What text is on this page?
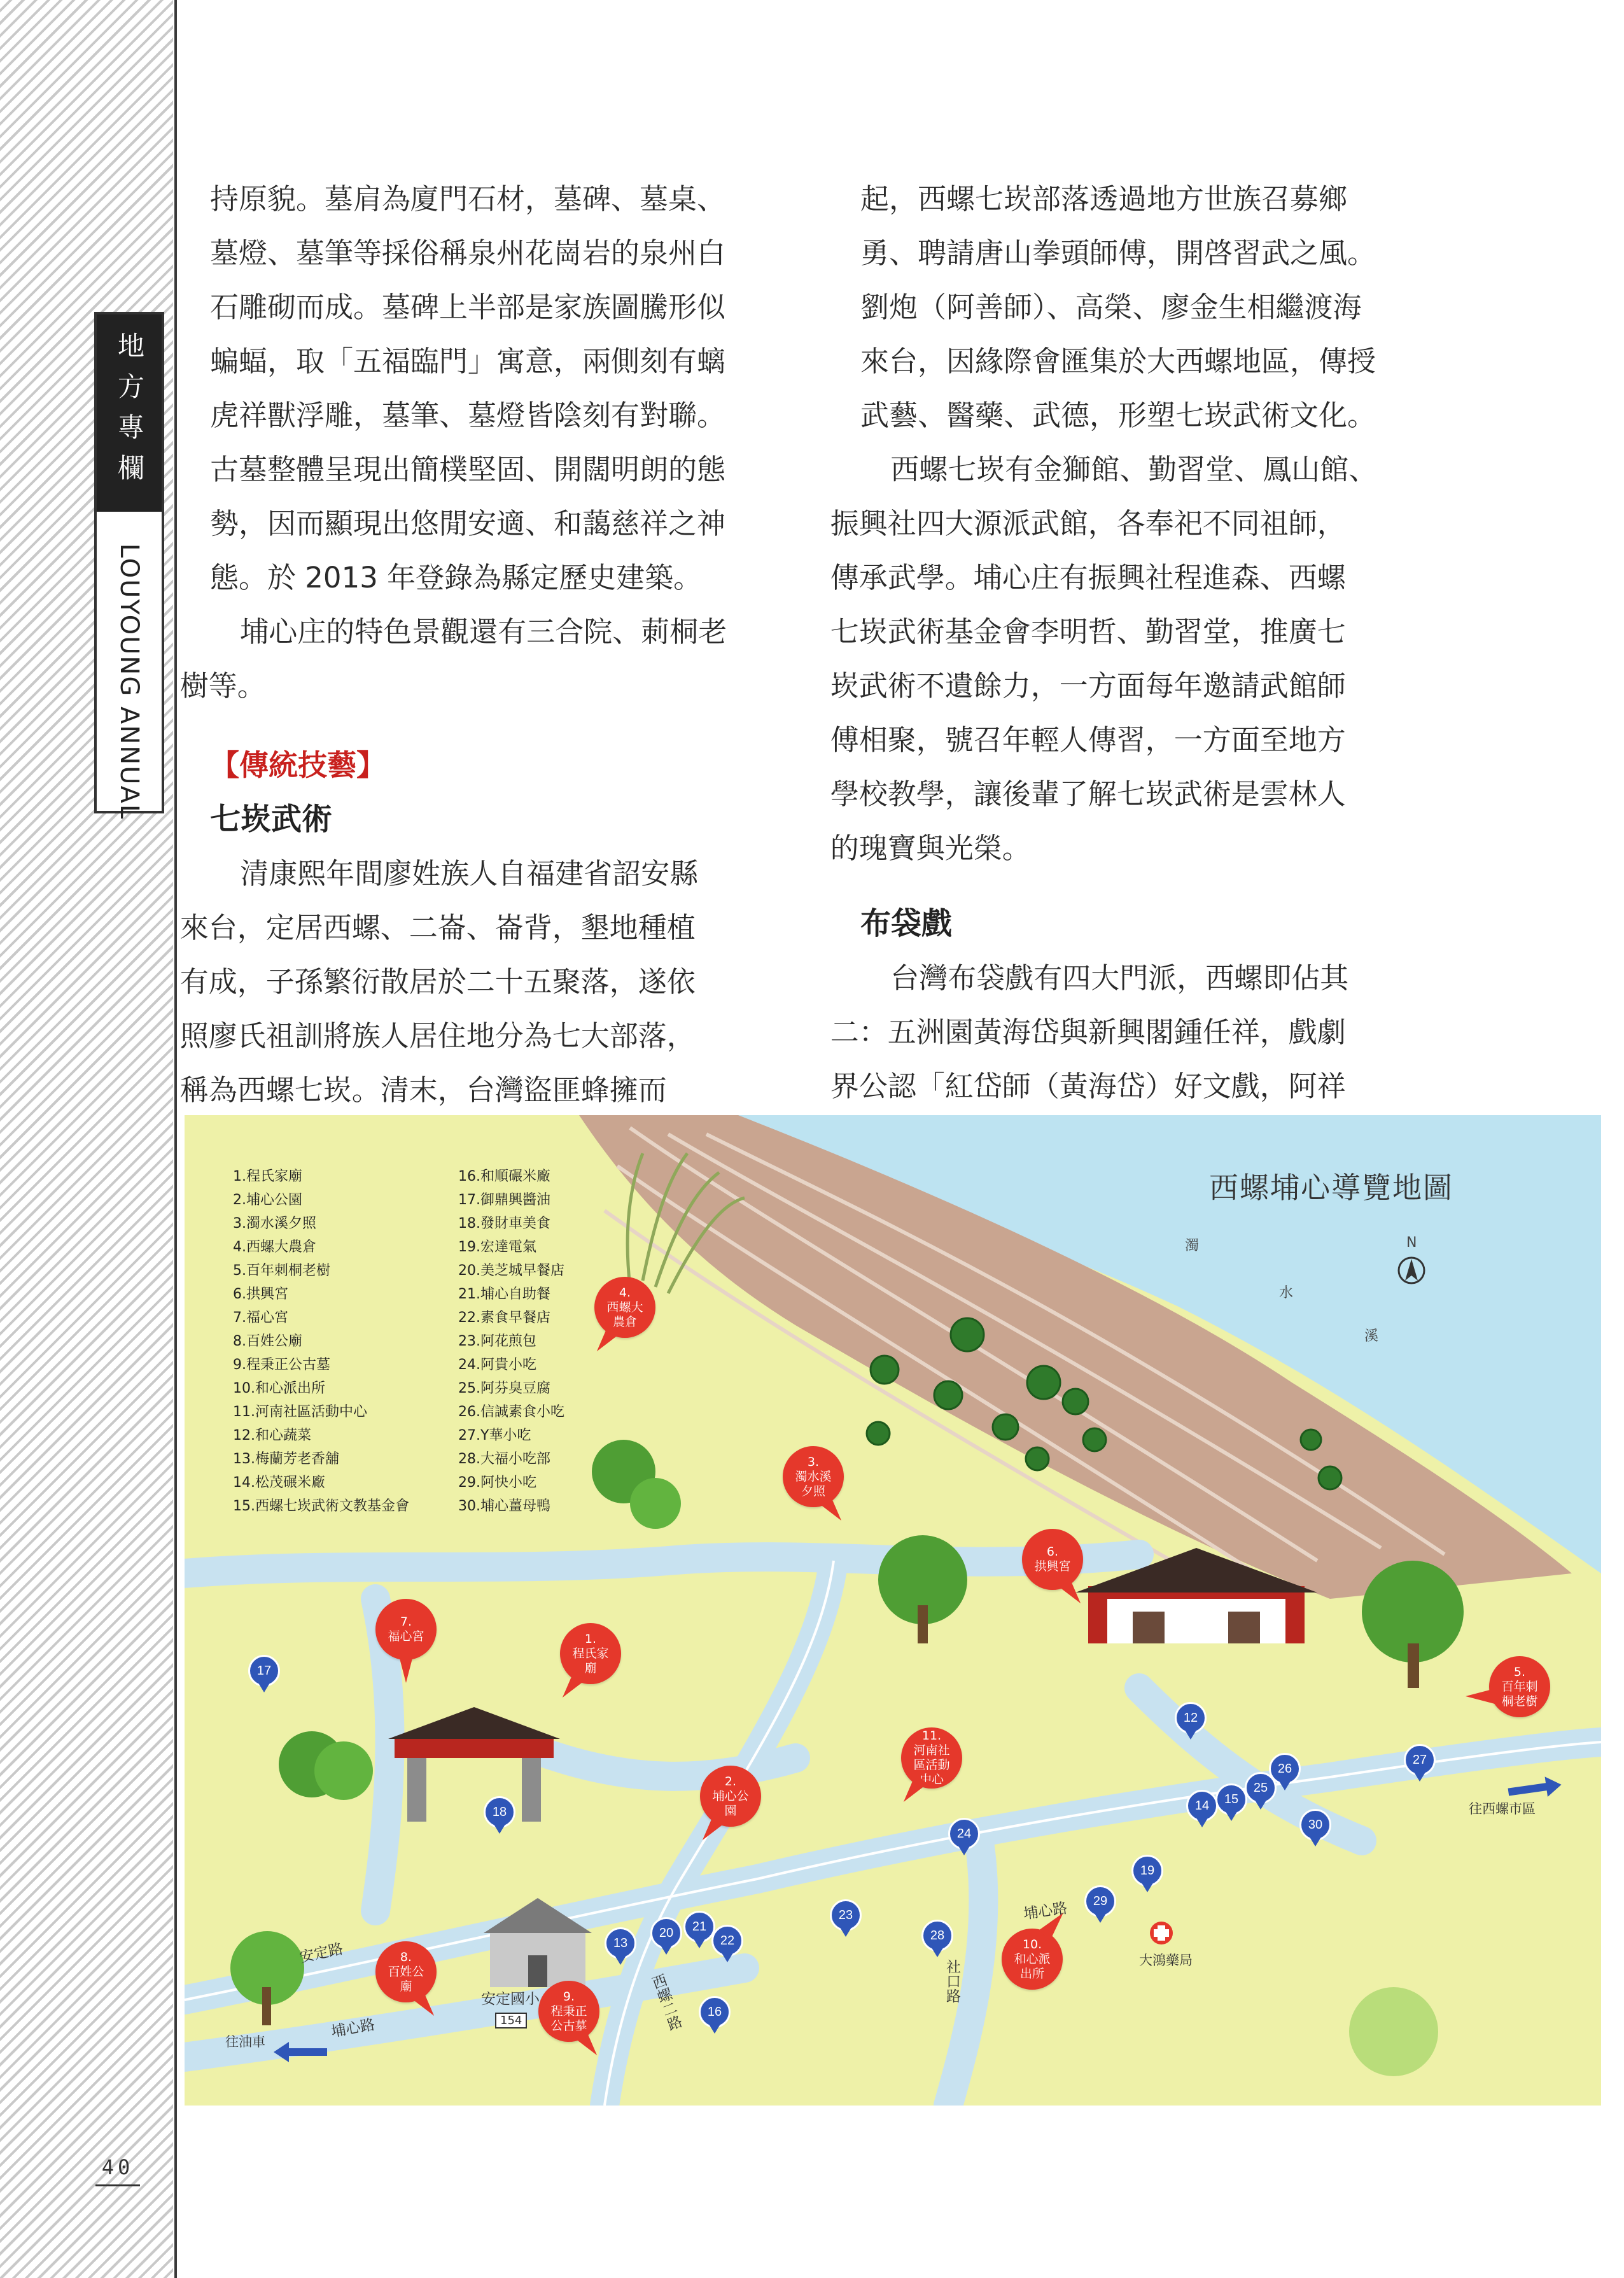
地方專欄
LOUYOUNG ANNUAL
40

持原貌。墓肩為廈門石材，墓碑、墓桌、
墓燈、墓筆等採俗稱泉州花崗岩的泉州白
石雕砌而成。墓碑上半部是家族圖騰形似
蝙蝠，取「五福臨門」寓意，兩側刻有螭
虎祥獸浮雕，墓筆、墓燈皆陰刻有對聯。
古墓整體呈現出簡樸堅固、開闊明朗的態
勢，因而顯現出悠閒安適、和藹慈祥之神
態。於 2013 年登錄為縣定歷史建築。

埔心庄的特色景觀還有三合院、莿桐老
樹等。

【傳統技藝】
七崁武術

清康熙年間廖姓族人自福建省詔安縣
來台，定居西螺、二崙、崙背，墾地種植
有成，子孫繁衍散居於二十五聚落，遂依
照廖氏祖訓將族人居住地分為七大部落，
稱為西螺七崁。清末，台灣盜匪蜂擁而

起，西螺七崁部落透過地方世族召募鄉
勇、聘請唐山拳頭師傅，開啓習武之風。
劉炮（阿善師）、高榮、廖金生相繼渡海
來台，因緣際會匯集於大西螺地區，傳授
武藝、醫藥、武德，形塑七崁武術文化。

西螺七崁有金獅館、勤習堂、鳳山館、
振興社四大源派武館，各奉祀不同祖師，
傳承武學。埔心庄有振興社程進森、西螺
七崁武術基金會李明哲、勤習堂，推廣七
崁武術不遺餘力，一方面每年邀請武館師
傅相聚，號召年輕人傳習，一方面至地方
學校教學，讓後輩了解七崁武術是雲林人
的瑰寶與光榮。

布袋戲

台灣布袋戲有四大門派，西螺即佔其
二：五洲園黃海岱與新興閣鍾任祥，戲劇
界公認「紅岱師（黃海岱）好文戲，阿祥

西螺埔心導覽地圖
N
濁
水
溪
1.程氏家廟
2.埔心公園
3.濁水溪夕照
4.西螺大農倉
5.百年刺桐老樹
6.拱興宮
7.福心宮
8.百姓公廟
9.程秉正公古墓
10.和心派出所
11.河南社區活動中心
12.和心蔬菜
13.梅蘭芳老香舖
14.松茂碾米廠
15.西螺七崁武術文教基金會
16.和順碾米廠
17.御鼎興醬油
18.發財車美食
19.宏達電氣
20.美芝城早餐店
21.埔心自助餐
22.素食早餐店
23.阿花煎包
24.阿貴小吃
25.阿芬臭豆腐
26.信誠素食小吃
27.Y華小吃
28.大福小吃部
29.阿快小吃
30.埔心薑母鴨
4.
西螺大農倉
3.
濁水溪夕照
6.
拱興宮
7.
福心宮	1.
程氏家廟	5.
百年刺桐老樹
11.
河南社區活動中心
2.
埔心公園
8.
百姓公廟
9.
程秉正公古墓
10.
和心派出所
17
18
12
13
20	21
22
16
23
24
28
19
29
14	15
25
26
30
27
安定路
埔心路
埔心路
安定國小
154
往油車
往西螺市區
社口路
西螺二路
大鴻藥局
